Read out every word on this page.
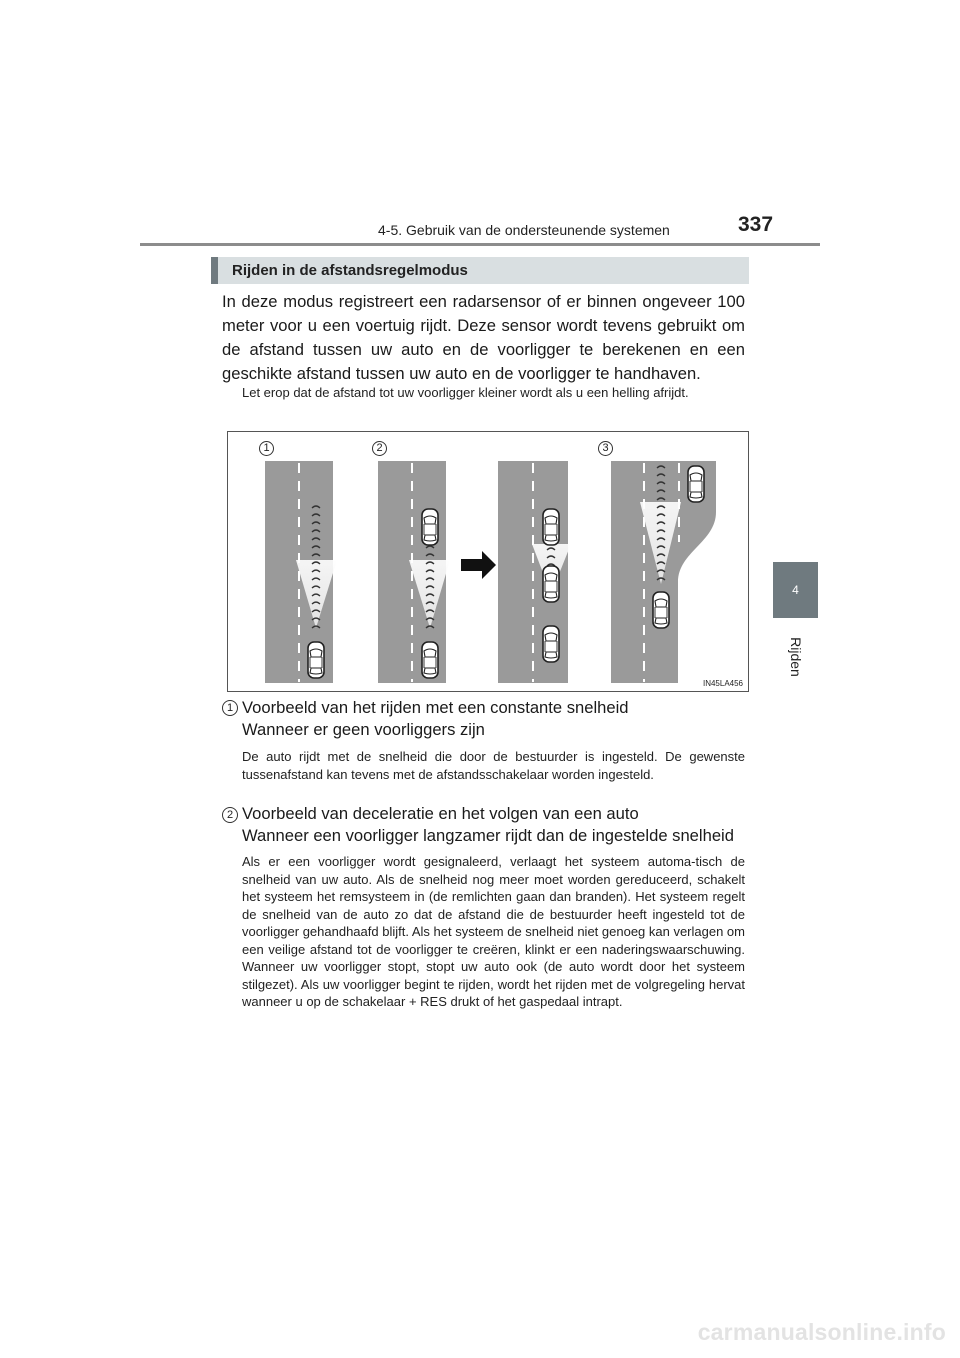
4-5. Gebruik van de ondersteunende systemen	337
4
Rijden
Rijden in de afstandsregelmodus

In deze modus registreert een radarsensor of er binnen ongeveer 100 meter voor u een voertuig rijdt. Deze sensor wordt tevens gebruikt om de afstand tussen uw auto en de voorligger te berekenen en een geschikte afstand tussen uw auto en de voorligger te handhaven.

Let erop dat de afstand tot uw voorligger kleiner wordt als u een helling afrijdt.

1	2	3
IN45LA456
1 Voorbeeld van het rijden met een constante snelheid

Wanneer er geen voorliggers zijn

De auto rijdt met de snelheid die door de bestuurder is ingesteld. De gewenste tussenafstand kan tevens met de afstandsschakelaar worden ingesteld.

2 Voorbeeld van deceleratie en het volgen van een auto

Wanneer een voorligger langzamer rijdt dan de ingestelde snelheid

Als er een voorligger wordt gesignaleerd, verlaagt het systeem automa-tisch de snelheid van uw auto. Als de snelheid nog meer moet worden gereduceerd, schakelt het systeem het remsysteem in (de remlichten gaan dan branden). Het systeem regelt de snelheid van de auto zo dat de afstand die de bestuurder heeft ingesteld tot de voorligger gehandhaafd blijft. Als het systeem de snelheid niet genoeg kan verlagen om een veilige afstand tot de voorligger te creëren, klinkt er een naderingswaarschuwing. Wanneer uw voorligger stopt, stopt uw auto ook (de auto wordt door het systeem stilgezet). Als uw voorligger begint te rijden, wordt het rijden met de volgregeling hervat wanneer u op de schakelaar + RES drukt of het gaspedaal intrapt.

carmanualsonline.info
